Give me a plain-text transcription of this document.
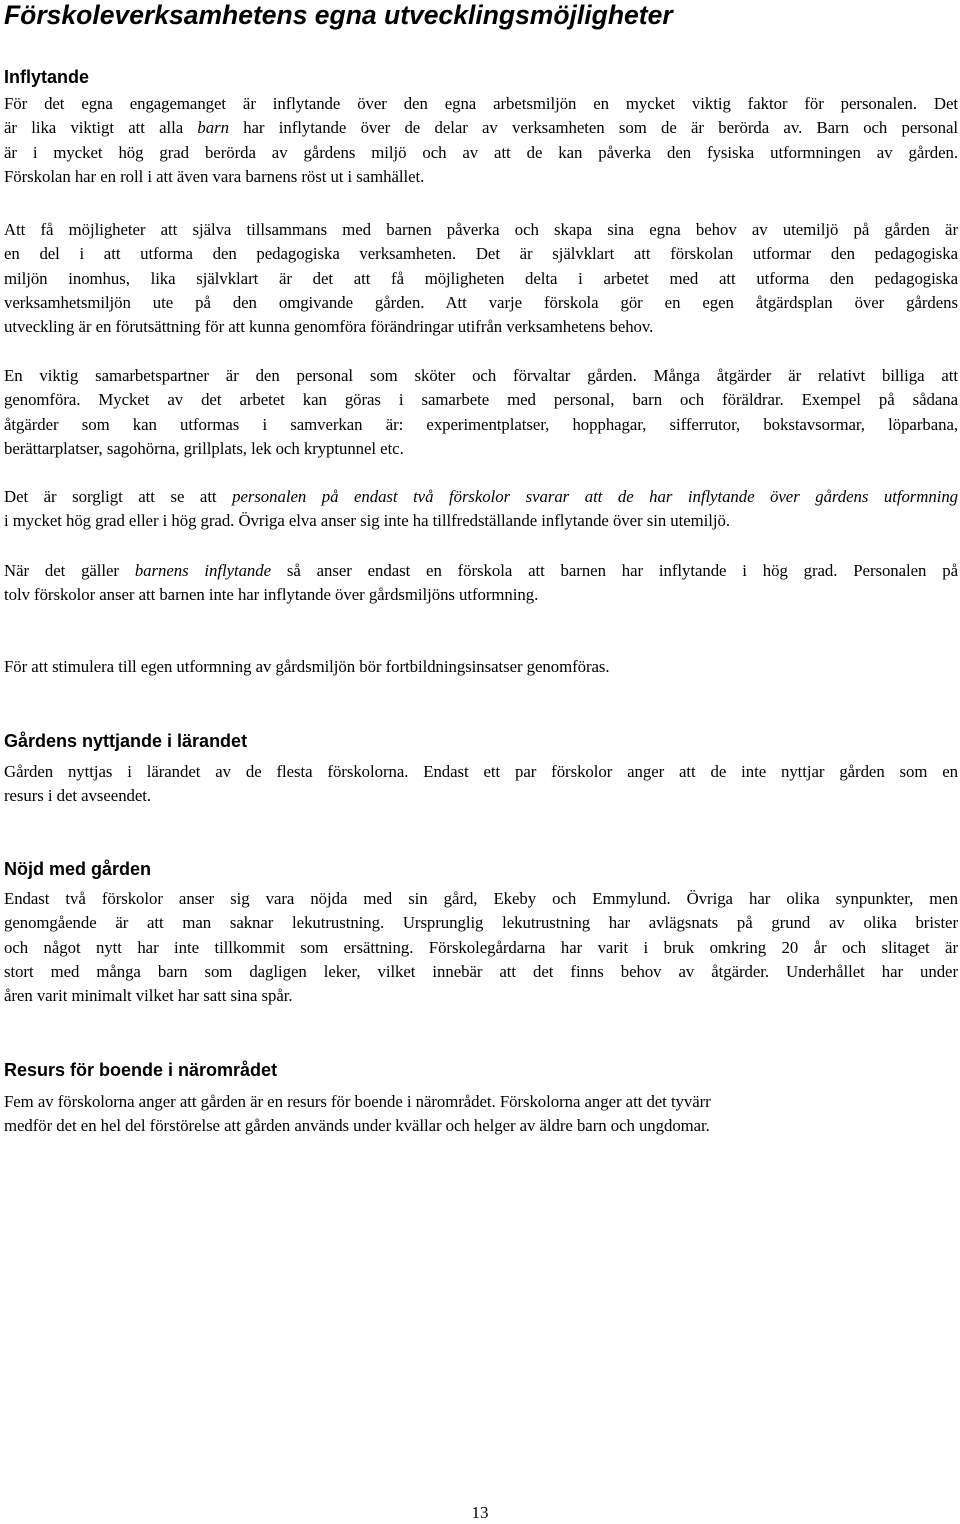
Förskoleverksamhetens egna utvecklingsmöjligheter
Inflytande

För det egna engagemanget är inflytande över den egna arbetsmiljön en mycket viktig faktor för personalen. Det
är lika viktigt att alla barn har inflytande över de delar av verksamheten som de är berörda av. Barn och personal
är i mycket hög grad berörda av gårdens miljö och av att de kan påverka den fysiska utformningen av gården.
Förskolan har en roll i att även vara barnens röst ut i samhället.

Att få möjligheter att själva tillsammans med barnen påverka och skapa sina egna behov av utemiljö på gården är
en del i att utforma den pedagogiska verksamheten. Det är självklart att förskolan utformar den pedagogiska
miljön inomhus, lika självklart är det att få möjligheten delta i arbetet med att utforma den pedagogiska
verksamhetsmiljön ute på den omgivande gården. Att varje förskola gör en egen åtgärdsplan över gårdens
utveckling är en förutsättning för att kunna genomföra förändringar utifrån verksamhetens behov.

En viktig samarbetspartner är den personal som sköter och förvaltar gården. Många åtgärder är relativt billiga att
genomföra. Mycket av det arbetet kan göras i samarbete med personal, barn och föräldrar. Exempel på sådana
åtgärder som kan utformas i samverkan är: experimentplatser, hopphagar, sifferrutor, bokstavsormar, löparbana,
berättarplatser, sagohörna, grillplats, lek och kryptunnel etc.

Det är sorgligt att se att personalen på endast två förskolor svarar att de har inflytande över gårdens utformning
i mycket hög grad eller i hög grad. Övriga elva anser sig inte ha tillfredställande inflytande över sin utemiljö.

När det gäller barnens inflytande så anser endast en förskola att barnen har inflytande i hög grad. Personalen på
tolv förskolor anser att barnen inte har inflytande över gårdsmiljöns utformning.

För att stimulera till egen utformning av gårdsmiljön bör fortbildningsinsatser genomföras.

Gårdens nyttjande i lärandet

Gården nyttjas i lärandet av de flesta förskolorna. Endast ett par förskolor anger att de inte nyttjar gården som en
resurs i det avseendet.

Nöjd med gården

Endast två förskolor anser sig vara nöjda med sin gård, Ekeby och Emmylund. Övriga har olika synpunkter, men
genomgående är att man saknar lekutrustning. Ursprunglig lekutrustning har avlägsnats på grund av olika brister
och något nytt har inte tillkommit som ersättning. Förskolegårdarna har varit i bruk omkring 20 år och slitaget är
stort med många barn som dagligen leker, vilket innebär att det finns behov av åtgärder. Underhållet har under
åren varit minimalt vilket har satt sina spår.

Resurs för boende i närområdet

Fem av förskolorna anger att gården är en resurs för boende i närområdet. Förskolorna anger att det tyvärr
medför det en hel del förstörelse att gården används under kvällar och helger av äldre barn och ungdomar.

13
